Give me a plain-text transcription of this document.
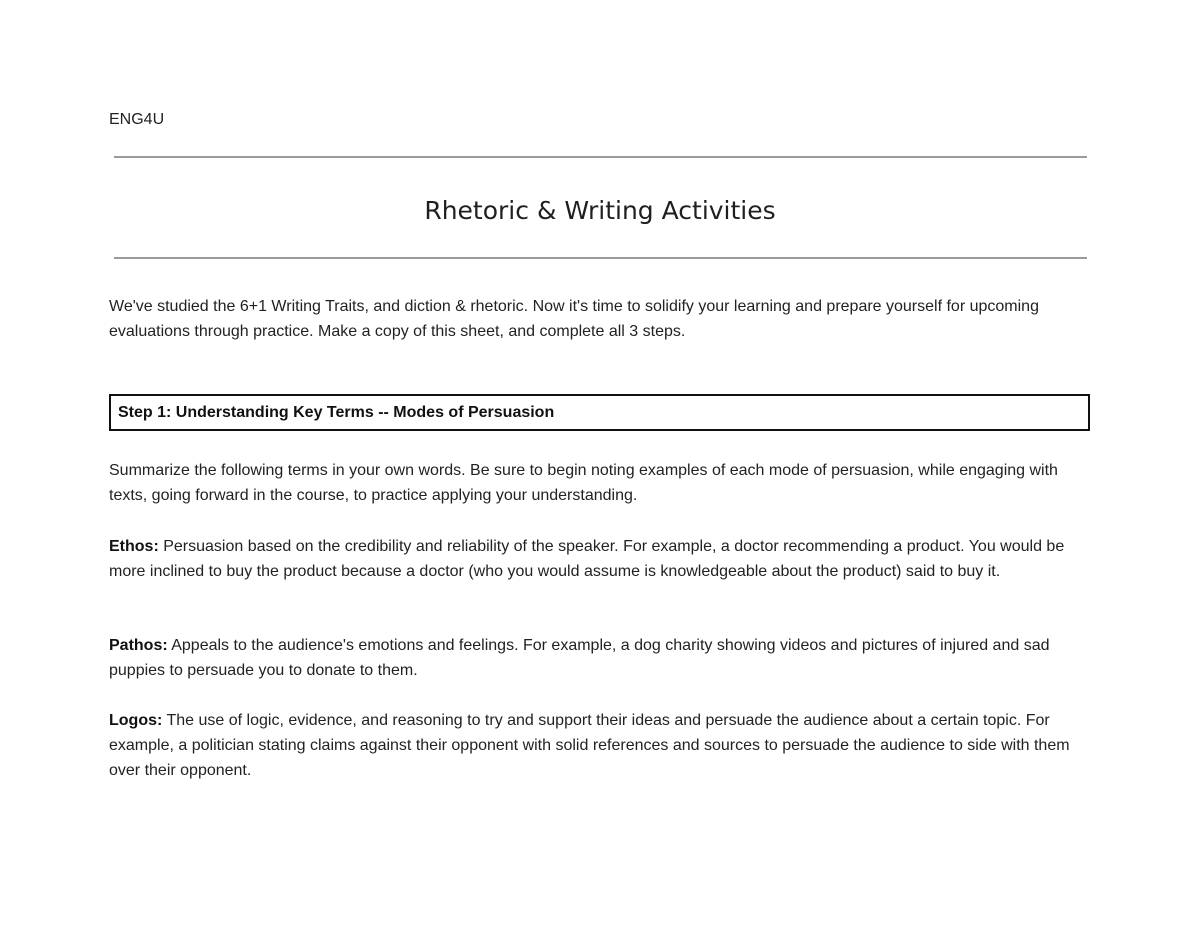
ENG4U
Rhetoric & Writing Activities
We've studied the 6+1 Writing Traits, and diction & rhetoric. Now it's time to solidify your learning and prepare yourself for upcoming evaluations through practice. Make a copy of this sheet, and complete all 3 steps.
Step 1: Understanding Key Terms -- Modes of Persuasion
Summarize the following terms in your own words. Be sure to begin noting examples of each mode of persuasion, while engaging with texts, going forward in the course, to practice applying your understanding.
Ethos: Persuasion based on the credibility and reliability of the speaker. For example, a doctor recommending a product. You would be more inclined to buy the product because a doctor (who you would assume is knowledgeable about the product) said to buy it.
Pathos: Appeals to the audience's emotions and feelings. For example, a dog charity showing videos and pictures of injured and sad puppies to persuade you to donate to them.
Logos: The use of logic, evidence, and reasoning to try and support their ideas and persuade the audience about a certain topic. For example, a politician stating claims against their opponent with solid references and sources to persuade the audience to side with them over their opponent.
